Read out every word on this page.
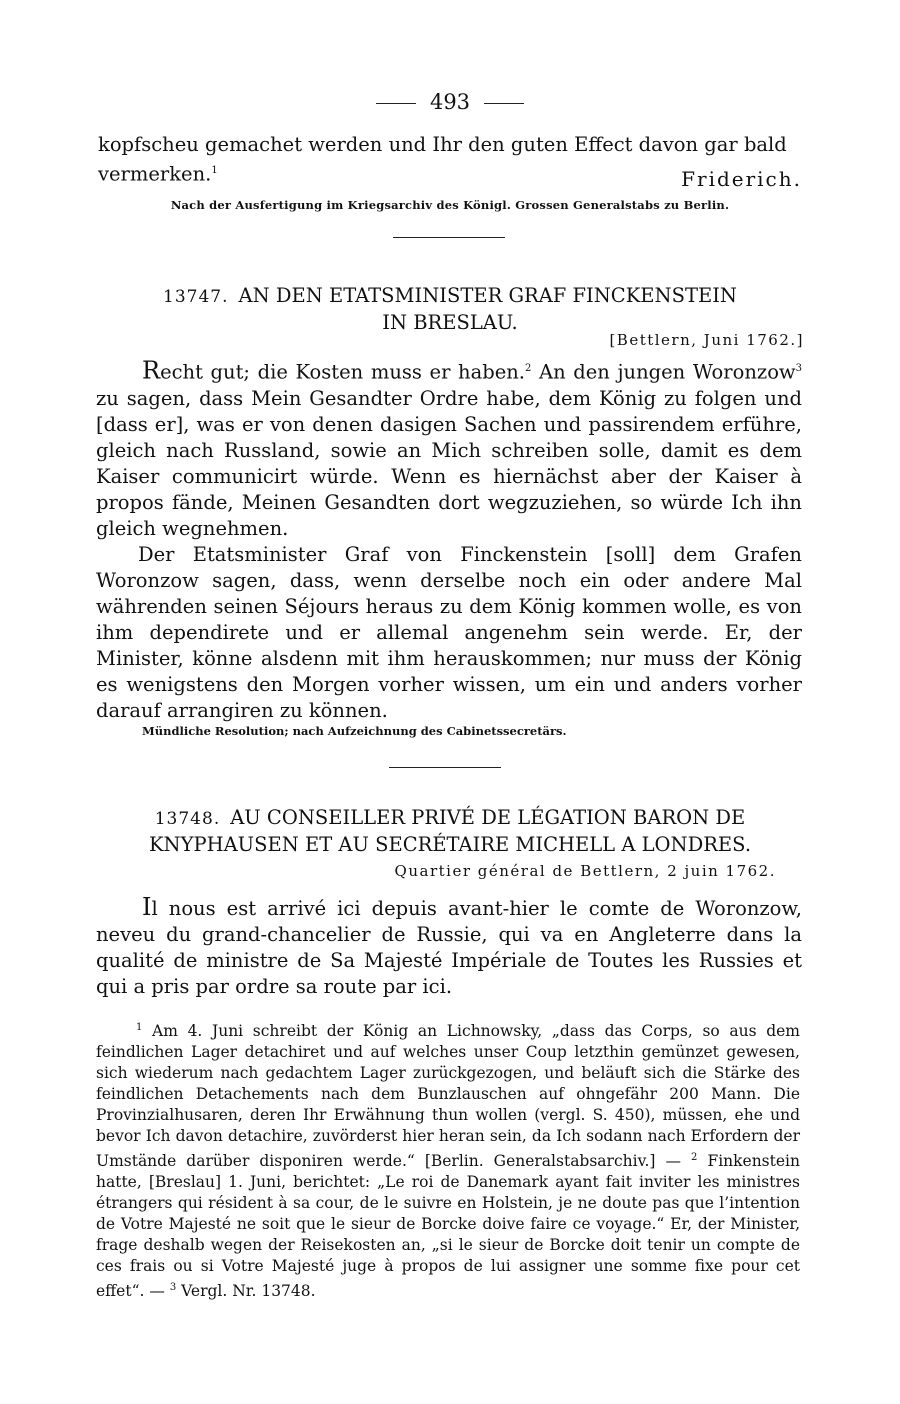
493
kopfscheu gemachet werden und Ihr den guten Effect davon gar bald
vermerken.$^1$	Friderich.
Nach der Ausfertigung im Kriegsarchiv des Königl. Grossen Generalstabs zu Berlin.
13747. AN DEN ETATSMINISTER GRAF FINCKENSTEIN
IN BRESLAU.
[Bettlern, Juni 1762.]
Recht gut; die Kosten muss er haben.$^2$ An den jungen Woronzow$^3$ zu sagen, dass Mein Gesandter Ordre habe, dem König zu folgen und [dass er], was er von denen dasigen Sachen und passirendem erführe, gleich nach Russland, sowie an Mich schreiben solle, damit es dem Kaiser communicirt würde. Wenn es hiernächst aber der Kaiser à propos fände, Meinen Gesandten dort wegzuziehen, so würde Ich ihn gleich wegnehmen.
Der Etatsminister Graf von Finckenstein [soll] dem Grafen Woronzow sagen, dass, wenn derselbe noch ein oder andere Mal währenden seinen Séjours heraus zu dem König kommen wolle, es von ihm dependirete und er allemal angenehm sein werde. Er, der Minister, könne alsdenn mit ihm herauskommen; nur muss der König es wenigstens den Morgen vorher wissen, um ein und anders vorher darauf arrangiren zu können.
Mündliche Resolution; nach Aufzeichnung des Cabinetssecretärs.
13748. AU CONSEILLER PRIVÉ DE LÉGATION BARON DE
KNYPHAUSEN ET AU SECRÉTAIRE MICHELL A LONDRES.
Quartier général de Bettlern, 2 juin 1762.
Il nous est arrivé ici depuis avant-hier le comte de Woronzow, neveu du grand-chancelier de Russie, qui va en Angleterre dans la qualité de ministre de Sa Majesté Impériale de Toutes les Russies et qui a pris par ordre sa route par ici.

$^1$ Am 4. Juni schreibt der König an Lichnowsky, „dass das Corps, so aus dem feindlichen Lager detachiret und auf welches unser Coup letzthin gemünzet gewesen, sich wiederum nach gedachtem Lager zurückgezogen, und beläuft sich die Stärke des feindlichen Detachements nach dem Bunzlauschen auf ohngefähr 200 Mann. Die Provinzialhusaren, deren Ihr Erwähnung thun wollen (vergl. S. 450), müssen, ehe und bevor Ich davon detachire, zuvörderst hier heran sein, da Ich sodann nach Erfordern der Umstände darüber disponiren werde.“ [Berlin. Generalstabsarchiv.] — $^2$ Finkenstein hatte, [Breslau] 1. Juni, berichtet: „Le roi de Danemark ayant fait inviter les ministres étrangers qui résident à sa cour, de le suivre en Holstein, je ne doute pas que l’intention de Votre Majesté ne soit que le sieur de Borcke doive faire ce voyage.“ Er, der Minister, frage deshalb wegen der Reisekosten an, „si le sieur de Borcke doit tenir un compte de ces frais ou si Votre Majesté juge à propos de lui assigner une somme fixe pour cet effet“. — $^3$ Vergl. Nr. 13748.
